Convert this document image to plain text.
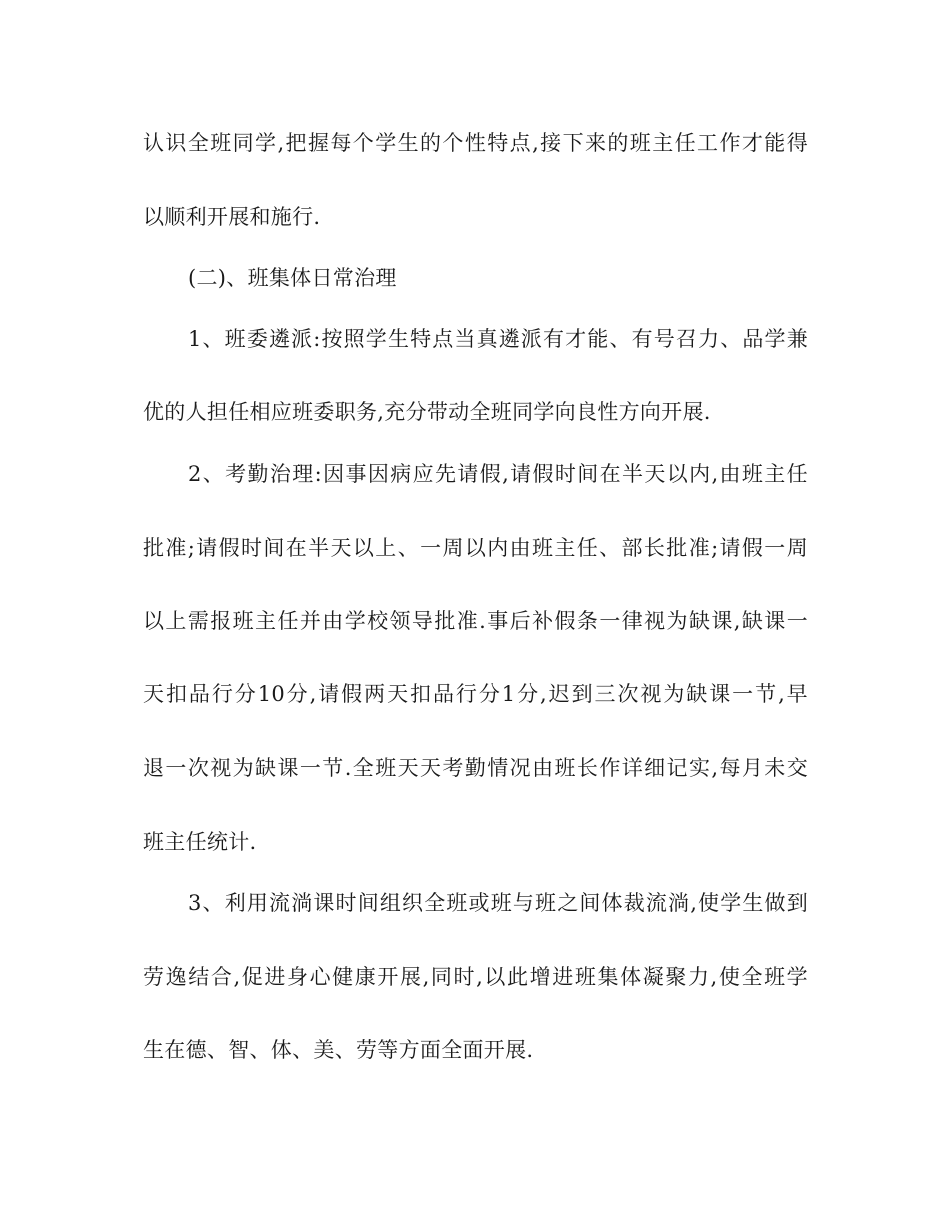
认识全班同学,把握每个学生的个性特点,接下来的班主任工作才能得
以顺利开展和施行.
(二)、班集体日常治理
1、班委遴派:按照学生特点当真遴派有才能、有号召力、品学兼
优的人担任相应班委职务,充分带动全班同学向良性方向开展.
2、考勤治理:因事因病应先请假,请假时间在半天以内,由班主任
批准;请假时间在半天以上、一周以内由班主任、部长批准;请假一周
以上需报班主任并由学校领导批准.事后补假条一律视为缺课,缺课一
天扣品行分10分,请假两天扣品行分1分,迟到三次视为缺课一节,早
退一次视为缺课一节.全班天天考勤情况由班长作详细记实,每月未交
班主任统计.
3、利用流淌课时间组织全班或班与班之间体裁流淌,使学生做到
劳逸结合,促进身心健康开展,同时,以此增进班集体凝聚力,使全班学
生在德、智、体、美、劳等方面全面开展.
